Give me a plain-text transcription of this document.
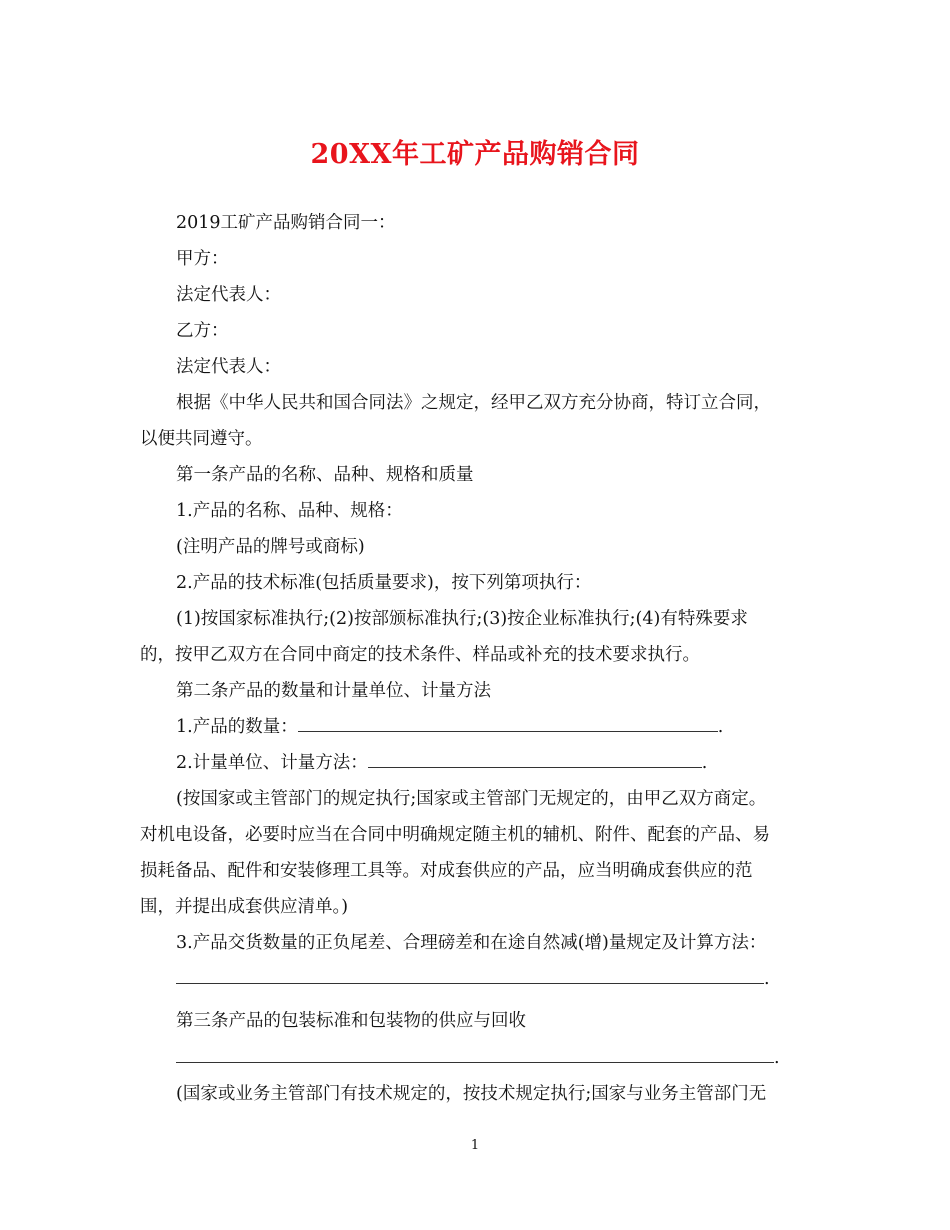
20XX年工矿产品购销合同
2019工矿产品购销合同一：
甲方：
法定代表人：
乙方：
法定代表人：
根据《中华人民共和国合同法》之规定，经甲乙双方充分协商，特订立合同，
以便共同遵守。
第一条产品的名称、品种、规格和质量
1.产品的名称、品种、规格：
(注明产品的牌号或商标)
2.产品的技术标准(包括质量要求)，按下列第项执行：
(1)按国家标准执行;(2)按部颁标准执行;(3)按企业标准执行;(4)有特殊要求
的，按甲乙双方在合同中商定的技术条件、样品或补充的技术要求执行。
第二条产品的数量和计量单位、计量方法
1.产品的数量：	.
2.计量单位、计量方法：	.
(按国家或主管部门的规定执行;国家或主管部门无规定的，由甲乙双方商定。
对机电设备，必要时应当在合同中明确规定随主机的辅机、附件、配套的产品、易
损耗备品、配件和安装修理工具等。对成套供应的产品，应当明确成套供应的范
围，并提出成套供应清单。)
3.产品交货数量的正负尾差、合理磅差和在途自然减(增)量规定及计算方法：
.
第三条产品的包装标准和包装物的供应与回收
.
(国家或业务主管部门有技术规定的，按技术规定执行;国家与业务主管部门无
1
